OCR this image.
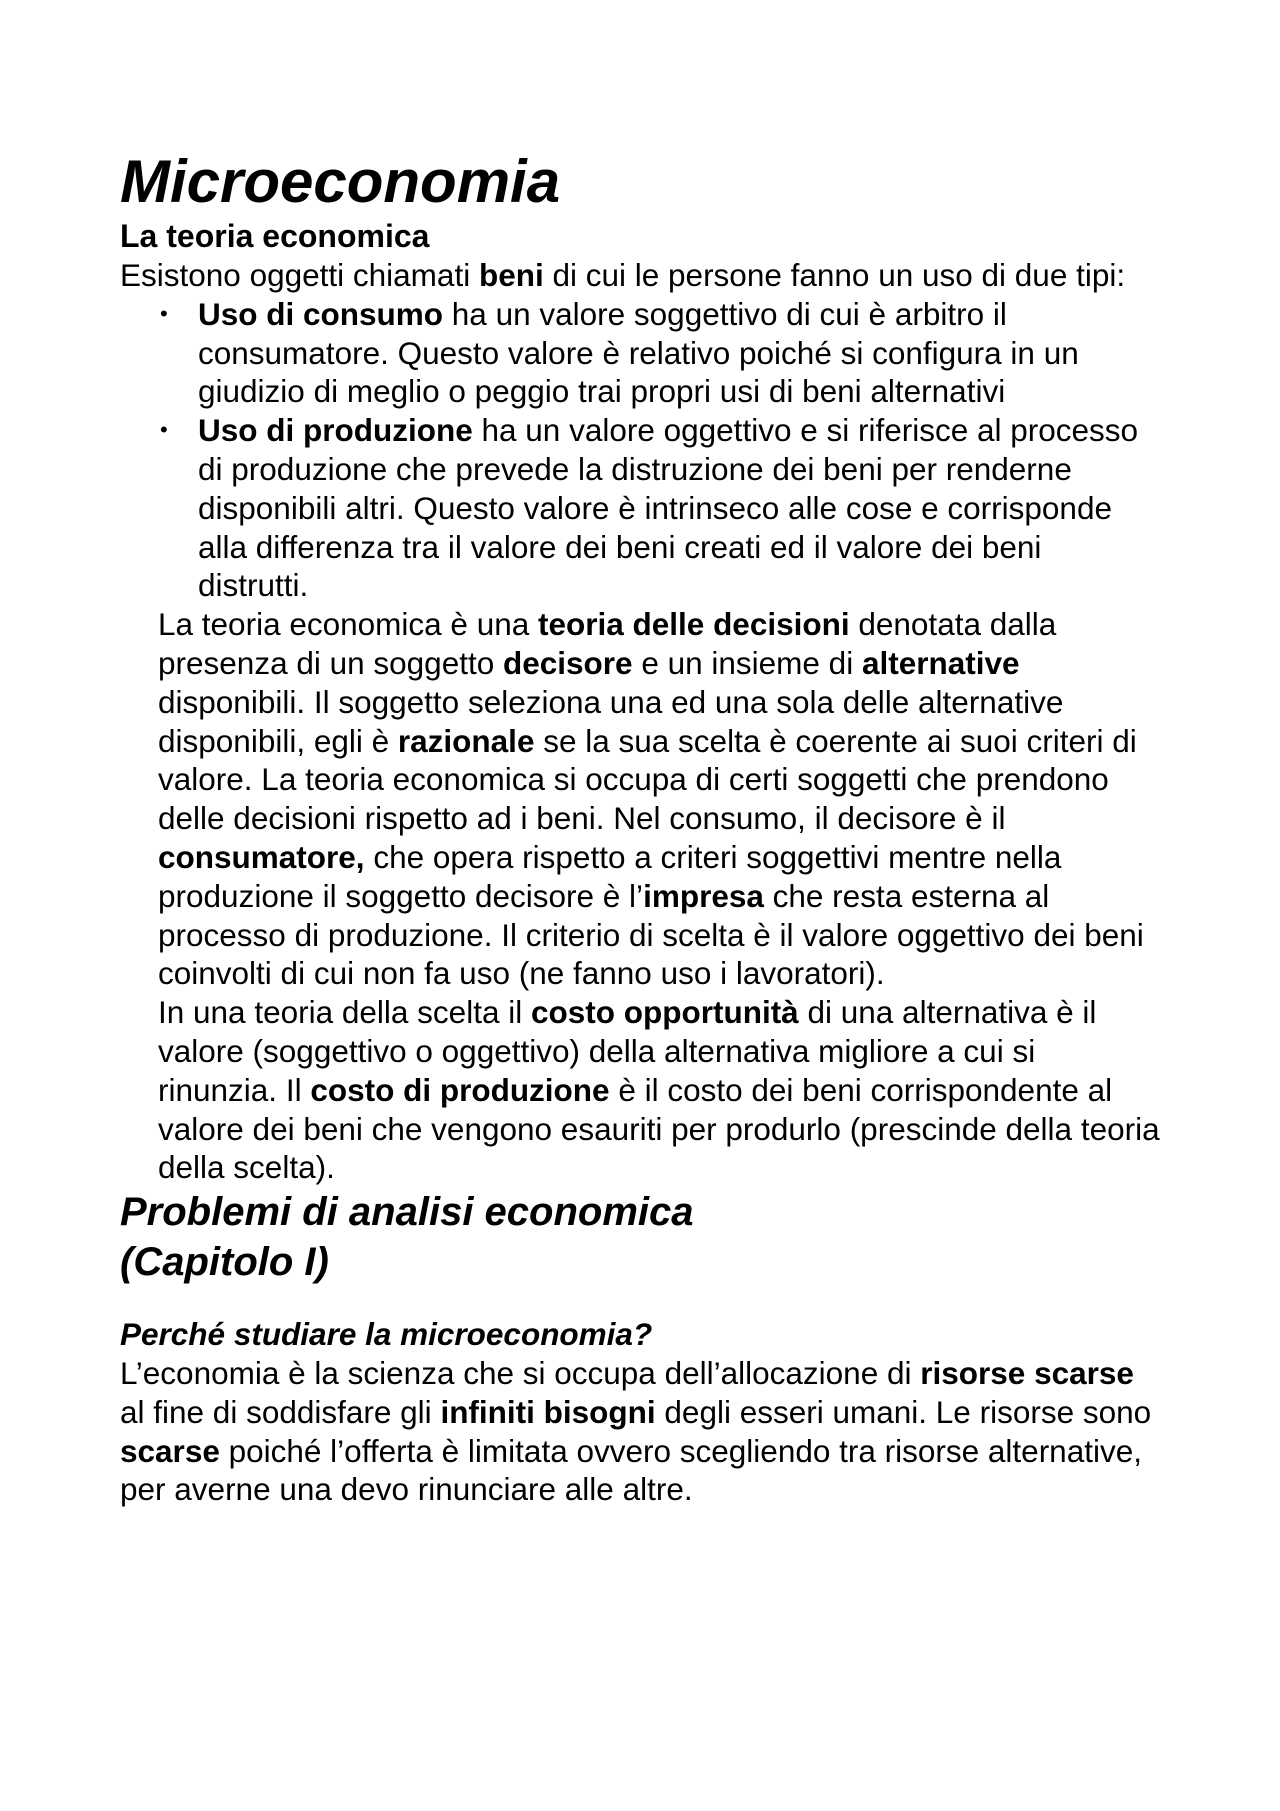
Microeconomia
La teoria economica

Esistono oggetti chiamati beni di cui le persone fanno un uso di due tipi:

• Uso di consumo ha un valore soggettivo di cui è arbitro il consumatore. Questo valore è relativo poiché si configura in un giudizio di meglio o peggio trai propri usi di beni alternativi
• Uso di produzione ha un valore oggettivo e si riferisce al processo di produzione che prevede la distruzione dei beni per renderne disponibili altri. Questo valore è intrinseco alle cose e corrisponde alla differenza tra il valore dei beni creati ed il valore dei beni distrutti.

La teoria economica è una teoria delle decisioni denotata dalla presenza di un soggetto decisore e un insieme di alternative disponibili. Il soggetto seleziona una ed una sola delle alternative disponibili, egli è razionale se la sua scelta è coerente ai suoi criteri di valore. La teoria economica si occupa di certi soggetti che prendono delle decisioni rispetto ad i beni. Nel consumo, il decisore è il consumatore, che opera rispetto a criteri soggettivi mentre nella produzione il soggetto decisore è l’impresa che resta esterna al processo di produzione. Il criterio di scelta è il valore oggettivo dei beni coinvolti di cui non fa uso (ne fanno uso i lavoratori).

In una teoria della scelta il costo opportunità di una alternativa è il valore (soggettivo o oggettivo) della alternativa migliore a cui si rinunzia. Il costo di produzione è il costo dei beni corrispondente al valore dei beni che vengono esauriti per produrlo (prescinde della teoria della scelta).

Problemi di analisi economica
(Capitolo I)
Perché studiare la microeconomia?

L’economia è la scienza che si occupa dell’allocazione di risorse scarse al fine di soddisfare gli infiniti bisogni degli esseri umani. Le risorse sono scarse poiché l’offerta è limitata ovvero scegliendo tra risorse alternative, per averne una devo rinunciare alle altre.
